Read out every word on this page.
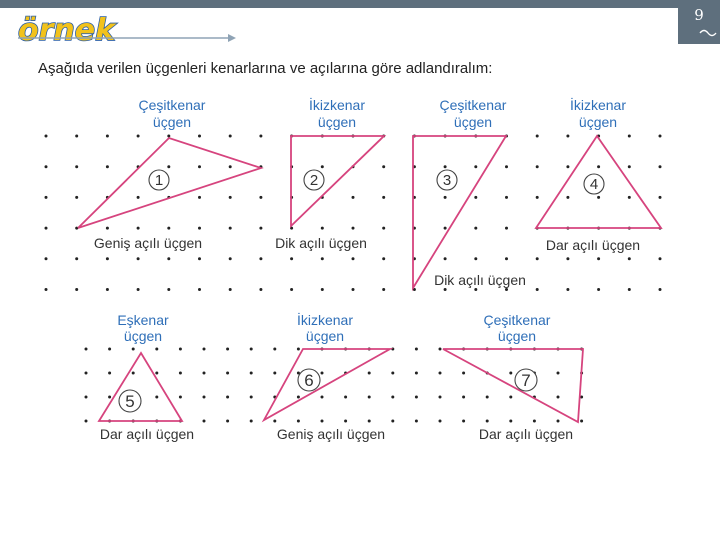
9
Aşağıda verilen üçgenleri kenarlarına ve açılarına göre adlandıralım:
örnek
1	2	3	4
5
6	7
Çeşitkenar
üçgen
İkizkenar
üçgen
Çeşitkenar
üçgen
İkizkenar
üçgen
Eşkenar
üçgen
İkizkenar
üçgen
Çeşitkenar
üçgen
Geniş açılı üçgen	Dik açılı üçgen
Dik açılı üçgen
Dar açılı üçgen
Dar açılı üçgen	Geniş açılı üçgen	Dar açılı üçgen
